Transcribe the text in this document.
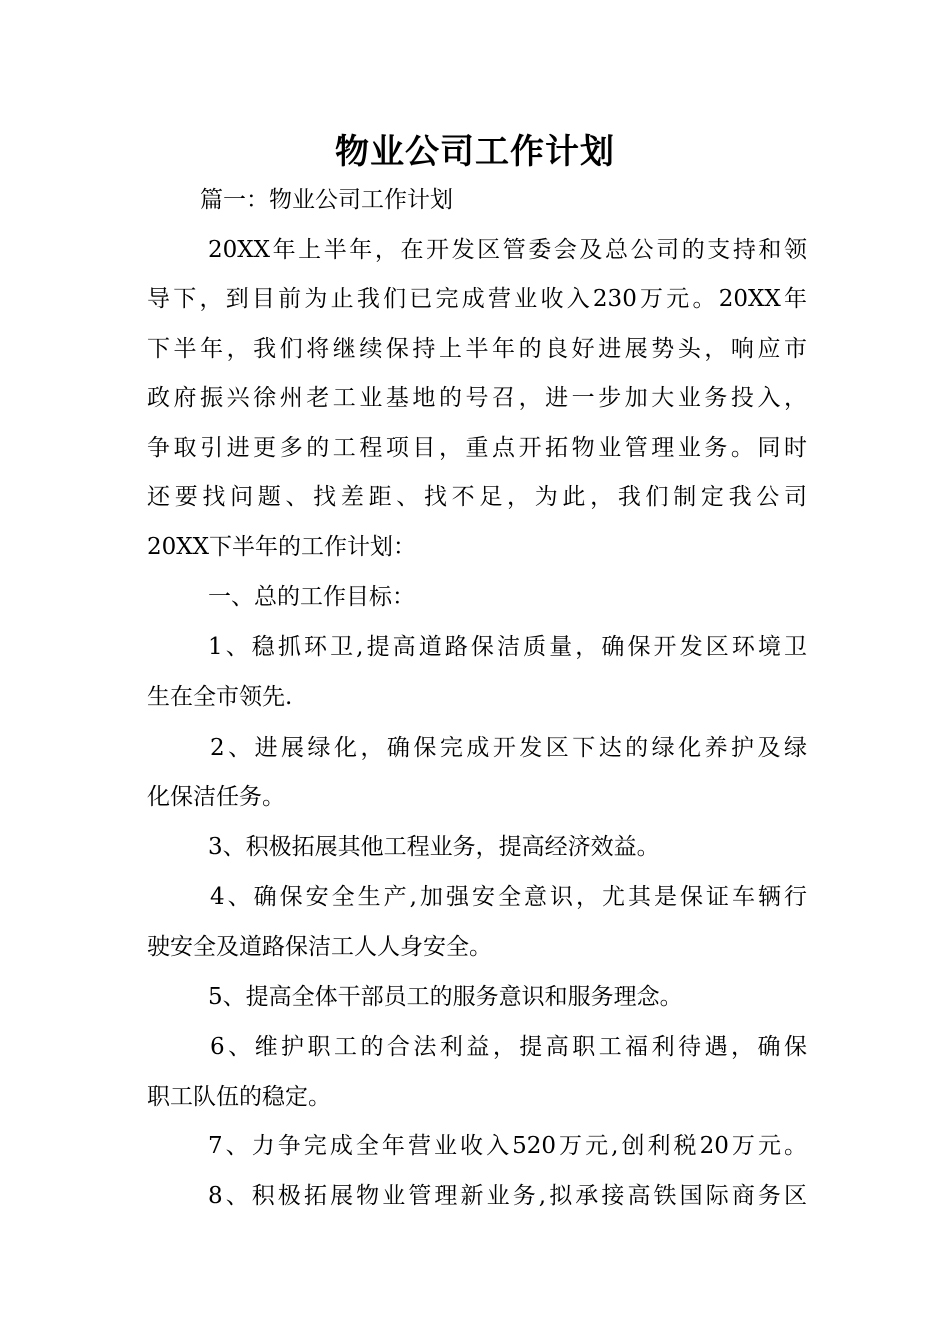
物业公司工作计划
篇一：物业公司工作计划
20XX年上半年，在开发区管委会及总公司的支持和领
导下，到目前为止我们已完成营业收入230万元。20XX年
下半年，我们将继续保持上半年的良好进展势头，响应市
政府振兴徐州老工业基地的号召，进一步加大业务投入，
争取引进更多的工程项目，重点开拓物业管理业务。同时
还要找问题、找差距、找不足，为此，我们制定我公司
20XX下半年的工作计划：
一、总的工作目标：
1、稳抓环卫,提高道路保洁质量，确保开发区环境卫
生在全市领先.
2、进展绿化，确保完成开发区下达的绿化养护及绿
化保洁任务。
3、积极拓展其他工程业务，提高经济效益。
4、确保安全生产,加强安全意识，尤其是保证车辆行
驶安全及道路保洁工人人身安全。
5、提高全体干部员工的服务意识和服务理念。
6、维护职工的合法利益，提高职工福利待遇，确保
职工队伍的稳定。
7、力争完成全年营业收入520万元,创利税20万元。
8、积极拓展物业管理新业务,拟承接高铁国际商务区
